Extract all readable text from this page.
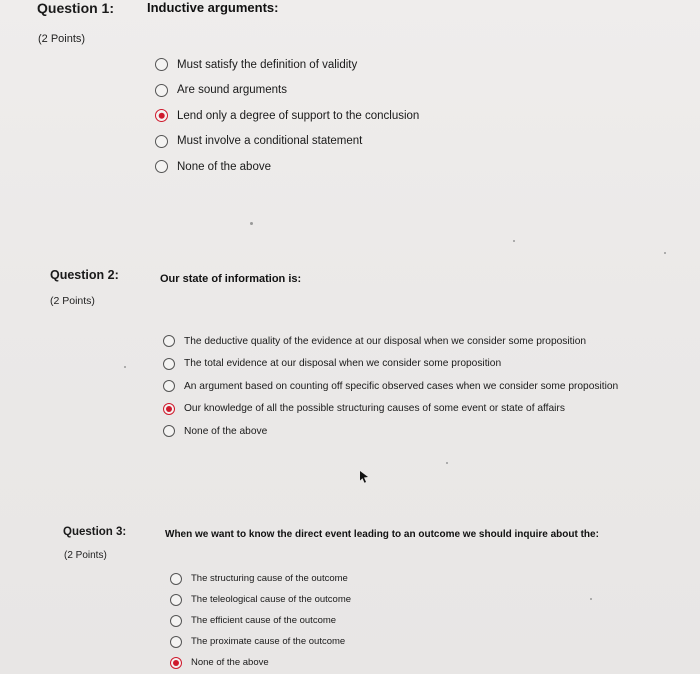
Question 1:
(2 Points)
Inductive arguments:
Must satisfy the definition of validity
Are sound arguments
Lend only a degree of support to the conclusion
Must involve a conditional statement
None of the above
Question 2:
(2 Points)
Our state of information is:
The deductive quality of the evidence at our disposal when we consider some proposition
The total evidence at our disposal when we consider some proposition
An argument based on counting off specific observed cases when we consider some proposition
Our knowledge of all the possible structuring causes of some event or state of affairs
None of the above
Question 3:
(2 Points)
When we want to know the direct event leading to an outcome we should inquire about the:
The structuring cause of the outcome
The teleological cause of the outcome
The efficient cause of the outcome
The proximate cause of the outcome
None of the above
